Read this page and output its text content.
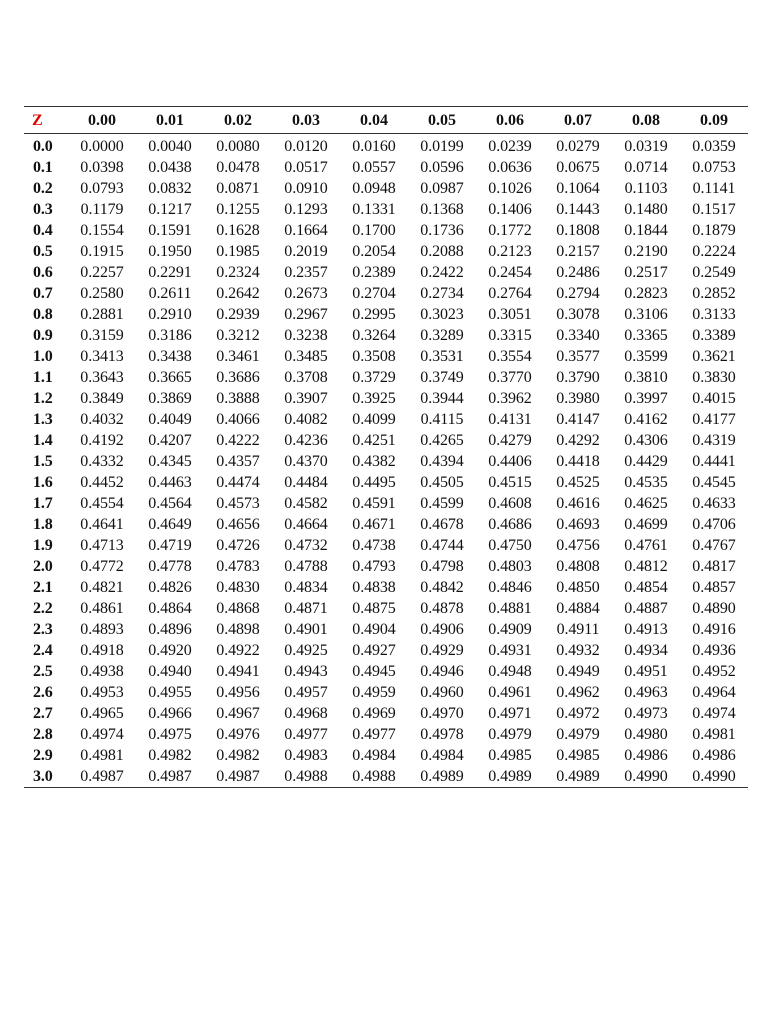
Z	0.00	0.01	0.02	0.03	0.04	0.05	0.06	0.07	0.08	0.09
0.0	0.0000	0.0040	0.0080	0.0120	0.0160	0.0199	0.0239	0.0279	0.0319	0.0359
0.1	0.0398	0.0438	0.0478	0.0517	0.0557	0.0596	0.0636	0.0675	0.0714	0.0753
0.2	0.0793	0.0832	0.0871	0.0910	0.0948	0.0987	0.1026	0.1064	0.1103	0.1141
0.3	0.1179	0.1217	0.1255	0.1293	0.1331	0.1368	0.1406	0.1443	0.1480	0.1517
0.4	0.1554	0.1591	0.1628	0.1664	0.1700	0.1736	0.1772	0.1808	0.1844	0.1879
0.5	0.1915	0.1950	0.1985	0.2019	0.2054	0.2088	0.2123	0.2157	0.2190	0.2224
0.6	0.2257	0.2291	0.2324	0.2357	0.2389	0.2422	0.2454	0.2486	0.2517	0.2549
0.7	0.2580	0.2611	0.2642	0.2673	0.2704	0.2734	0.2764	0.2794	0.2823	0.2852
0.8	0.2881	0.2910	0.2939	0.2967	0.2995	0.3023	0.3051	0.3078	0.3106	0.3133
0.9	0.3159	0.3186	0.3212	0.3238	0.3264	0.3289	0.3315	0.3340	0.3365	0.3389
1.0	0.3413	0.3438	0.3461	0.3485	0.3508	0.3531	0.3554	0.3577	0.3599	0.3621
1.1	0.3643	0.3665	0.3686	0.3708	0.3729	0.3749	0.3770	0.3790	0.3810	0.3830
1.2	0.3849	0.3869	0.3888	0.3907	0.3925	0.3944	0.3962	0.3980	0.3997	0.4015
1.3	0.4032	0.4049	0.4066	0.4082	0.4099	0.4115	0.4131	0.4147	0.4162	0.4177
1.4	0.4192	0.4207	0.4222	0.4236	0.4251	0.4265	0.4279	0.4292	0.4306	0.4319
1.5	0.4332	0.4345	0.4357	0.4370	0.4382	0.4394	0.4406	0.4418	0.4429	0.4441
1.6	0.4452	0.4463	0.4474	0.4484	0.4495	0.4505	0.4515	0.4525	0.4535	0.4545
1.7	0.4554	0.4564	0.4573	0.4582	0.4591	0.4599	0.4608	0.4616	0.4625	0.4633
1.8	0.4641	0.4649	0.4656	0.4664	0.4671	0.4678	0.4686	0.4693	0.4699	0.4706
1.9	0.4713	0.4719	0.4726	0.4732	0.4738	0.4744	0.4750	0.4756	0.4761	0.4767
2.0	0.4772	0.4778	0.4783	0.4788	0.4793	0.4798	0.4803	0.4808	0.4812	0.4817
2.1	0.4821	0.4826	0.4830	0.4834	0.4838	0.4842	0.4846	0.4850	0.4854	0.4857
2.2	0.4861	0.4864	0.4868	0.4871	0.4875	0.4878	0.4881	0.4884	0.4887	0.4890
2.3	0.4893	0.4896	0.4898	0.4901	0.4904	0.4906	0.4909	0.4911	0.4913	0.4916
2.4	0.4918	0.4920	0.4922	0.4925	0.4927	0.4929	0.4931	0.4932	0.4934	0.4936
2.5	0.4938	0.4940	0.4941	0.4943	0.4945	0.4946	0.4948	0.4949	0.4951	0.4952
2.6	0.4953	0.4955	0.4956	0.4957	0.4959	0.4960	0.4961	0.4962	0.4963	0.4964
2.7	0.4965	0.4966	0.4967	0.4968	0.4969	0.4970	0.4971	0.4972	0.4973	0.4974
2.8	0.4974	0.4975	0.4976	0.4977	0.4977	0.4978	0.4979	0.4979	0.4980	0.4981
2.9	0.4981	0.4982	0.4982	0.4983	0.4984	0.4984	0.4985	0.4985	0.4986	0.4986
3.0	0.4987	0.4987	0.4987	0.4988	0.4988	0.4989	0.4989	0.4989	0.4990	0.4990
